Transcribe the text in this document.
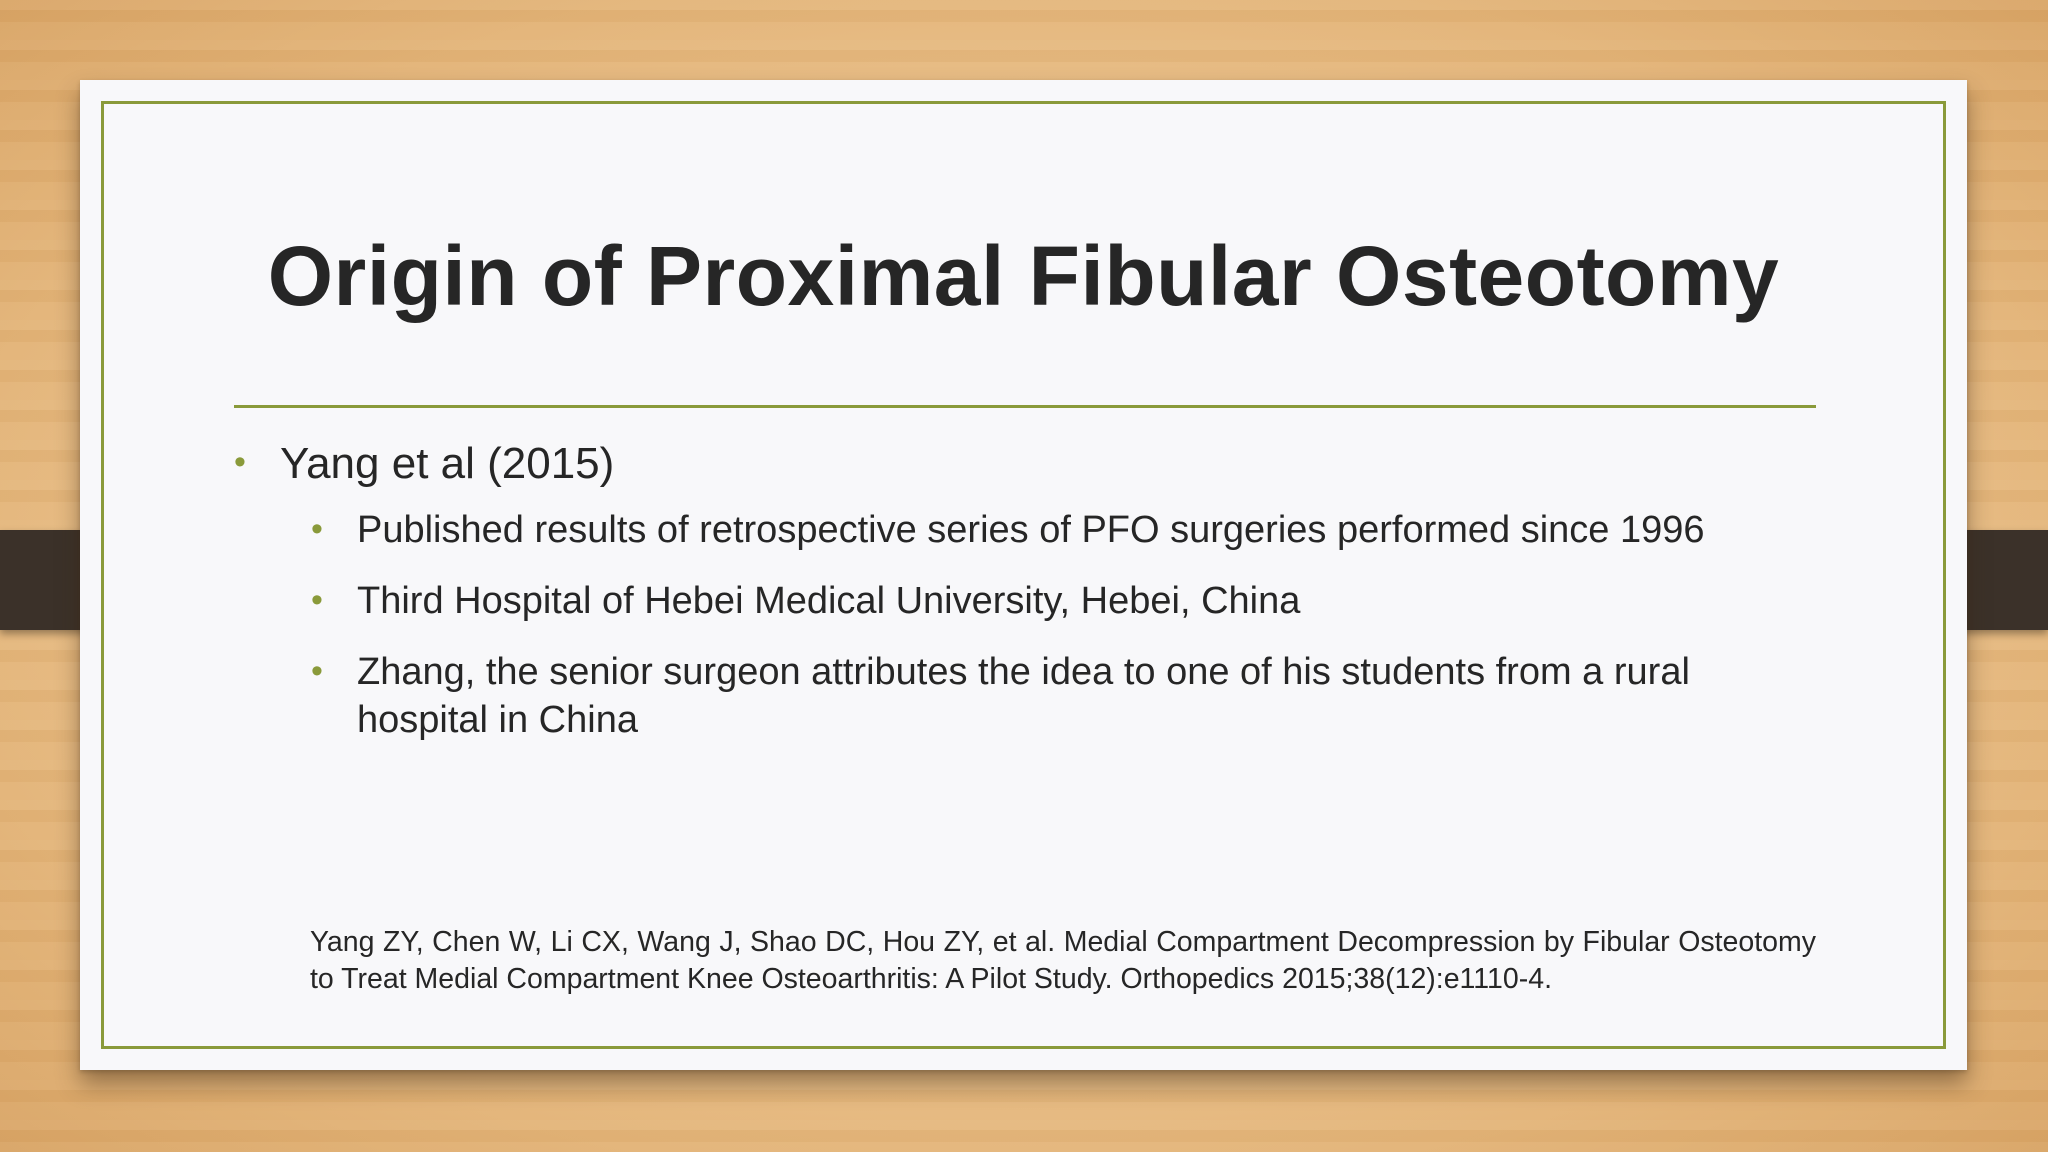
Origin of Proximal Fibular Osteotomy

• Yang et al (2015)

• Published results of retrospective series of PFO surgeries performed since 1996

• Third Hospital of Hebei Medical University, Hebei, China

• Zhang, the senior surgeon attributes the idea to one of his students from a rural hospital in China

Yang ZY, Chen W, Li CX, Wang J, Shao DC, Hou ZY, et al. Medial Compartment Decompression by Fibular Osteotomy to Treat Medial Compartment Knee Osteoarthritis: A Pilot Study. Orthopedics 2015;38(12):e1110-4.
